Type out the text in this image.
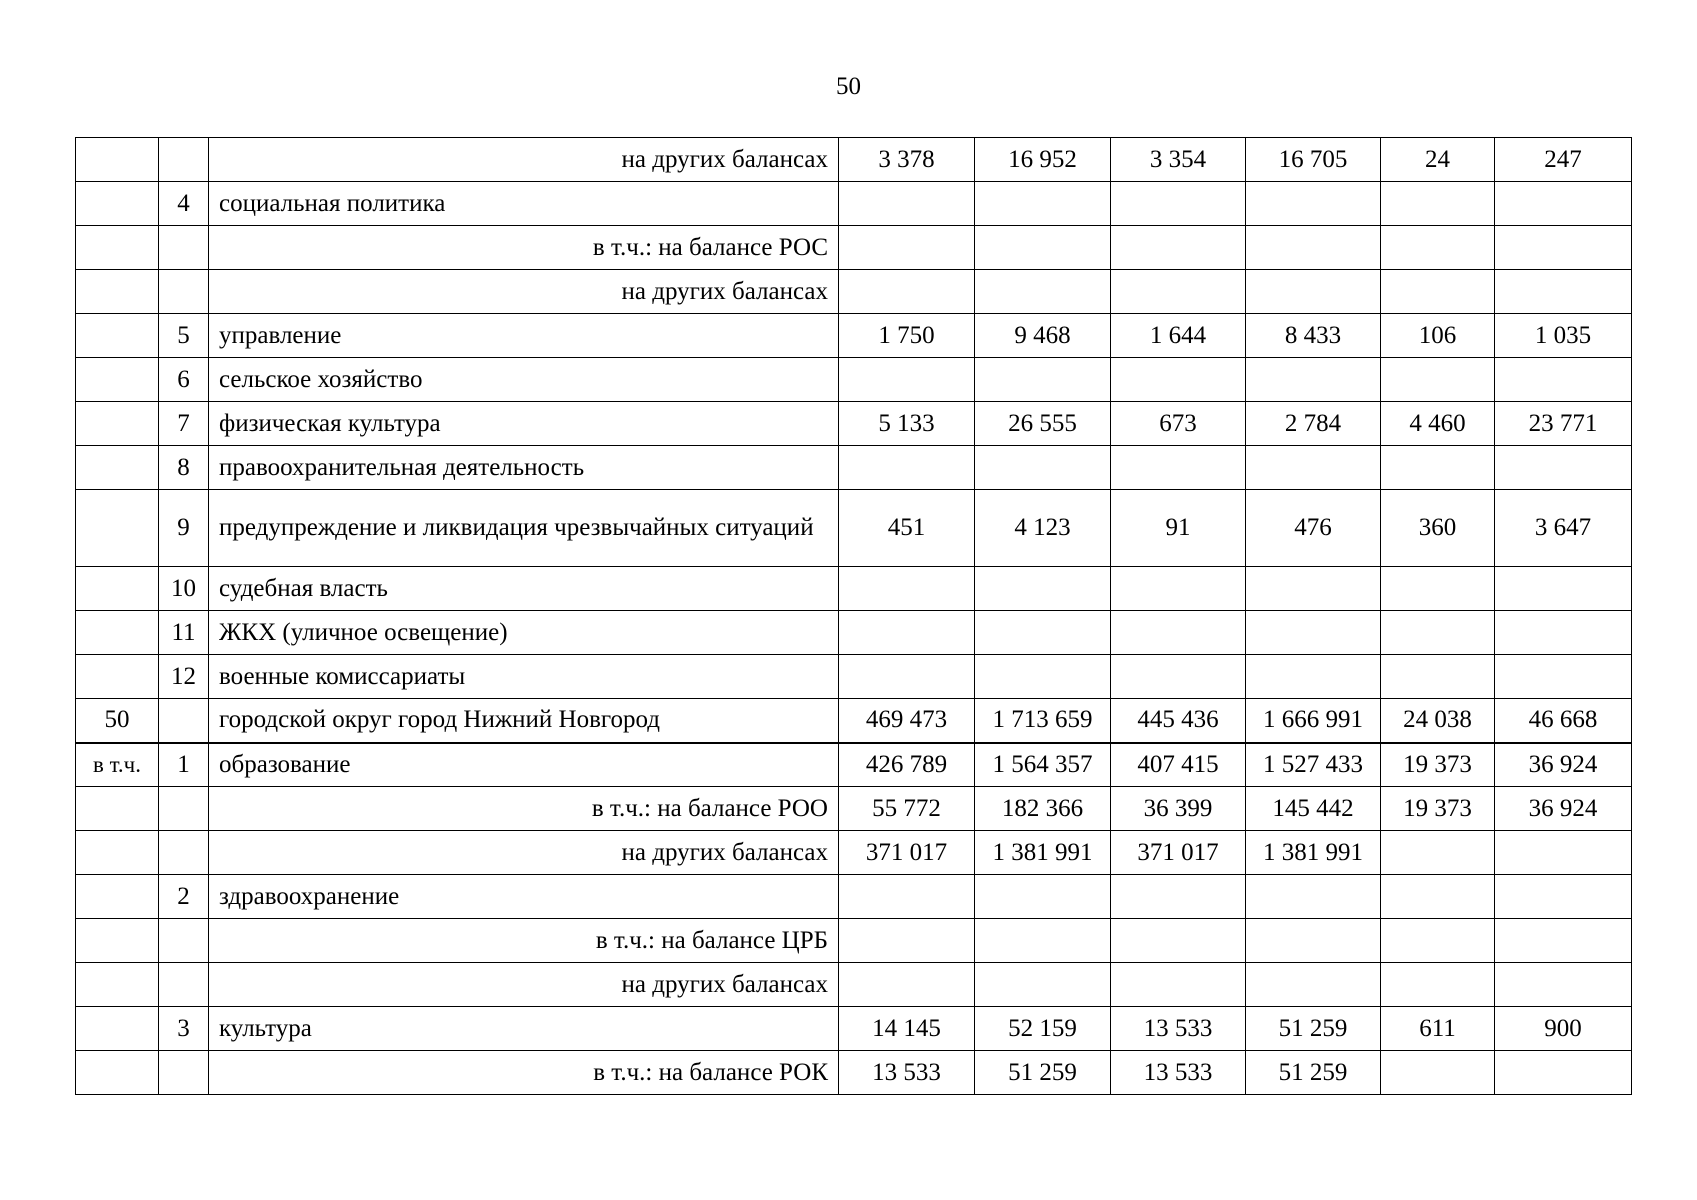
50
		на других балансах	3 378	16 952	3 354	16 705	24	247
	4	социальная политика						
		в т.ч.: на балансе РОС						
		на других балансах						
	5	управление	1 750	9 468	1 644	8 433	106	1 035
	6	сельское хозяйство						
	7	физическая культура	5 133	26 555	673	2 784	4 460	23 771
	8	правоохранительная деятельность						
	9	предупреждение и ликвидация чрезвычайных ситуаций	451	4 123	91	476	360	3 647
	10	судебная власть						
	11	ЖКХ (уличное освещение)						
	12	военные комиссариаты						
50		городской округ город Нижний Новгород	469 473	1 713 659	445 436	1 666 991	24 038	46 668
в т.ч.	1	образование	426 789	1 564 357	407 415	1 527 433	19 373	36 924
		в т.ч.: на балансе РОО	55 772	182 366	36 399	145 442	19 373	36 924
		на других балансах	371 017	1 381 991	371 017	1 381 991		
	2	здравоохранение						
		в т.ч.: на балансе ЦРБ						
		на других балансах						
	3	культура	14 145	52 159	13 533	51 259	611	900
		в т.ч.: на балансе РОК	13 533	51 259	13 533	51 259		
